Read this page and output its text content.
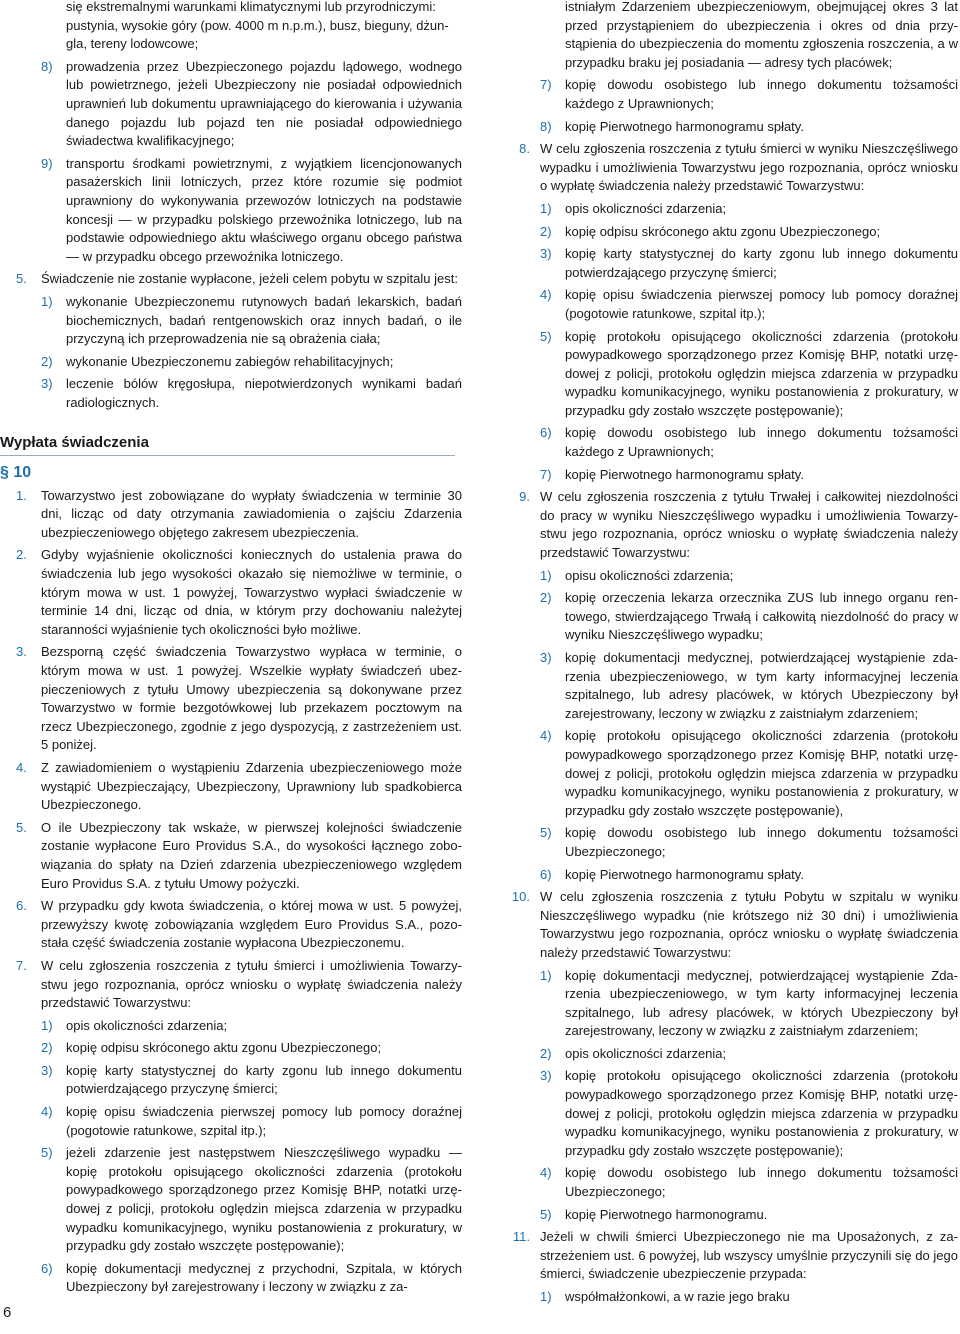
się ekstremalnymi warunkami klimatycznymi lub przyrodniczymi:
pustynia, wysokie góry (pow. 4000 m n.p.m.), busz, bieguny, dżun-
gla, tereny lodowcowe;
8) prowadzenia przez Ubezpieczonego pojazdu lądowego, wodnego lub powietrznego, jeżeli Ubezpieczony nie posiadał odpowiednich uprawnień lub dokumentu uprawniającego do kierowania i używania danego pojazdu lub pojazd ten nie posiadał odpowiedniego świadectwa kwalifikacyjnego;
9) transportu środkami powietrznymi, z wyjątkiem licencjonowanych pasażerskich linii lotniczych, przez które rozumie się podmiot uprawniony do wykonywania przewozów lotniczych na podstawie koncesji — w przypadku polskiego przewoźnika lotniczego, lub na podstawie odpowiedniego aktu właściwego organu obcego państwa — w przypadku obcego przewoźnika lotniczego.
5. Świadczenie nie zostanie wypłacone, jeżeli celem pobytu w szpitalu jest:
1) wykonanie Ubezpieczonemu rutynowych badań lekarskich, badań biochemicznych, badań rentgenowskich oraz innych badań, o ile przyczyną ich przeprowadzenia nie są obrażenia ciała;
2) wykonanie Ubezpieczonemu zabiegów rehabilitacyjnych;
3) leczenie bólów kręgosłupa, niepotwierdzonych wynikami badań radiologicznych.
Wypłata świadczenia
§ 10
1. Towarzystwo jest zobowiązane do wypłaty świadczenia w terminie 30 dni, licząc od daty otrzymania zawiadomienia o zajściu Zdarzenia ubezpieczeniowego objętego zakresem ubezpieczenia.
2. Gdyby wyjaśnienie okoliczności koniecznych do ustalenia prawa do świadczenia lub jego wysokości okazało się niemożliwe w terminie, o którym mowa w ust. 1 powyżej, Towarzystwo wypłaci świadczenie w terminie 14 dni, licząc od dnia, w którym przy dochowaniu należytej staranności wyjaśnienie tych okoliczności było możliwe.
3. Bezsporną część świadczenia Towarzystwo wypłaca w terminie, o którym mowa w ust. 1 powyżej. Wszelkie wypłaty świadczeń ubezpieczeniowych z tytułu Umowy ubezpieczenia są dokonywane przez Towarzystwo w formie bezgotówkowej lub przekazem pocztowym na rzecz Ubezpieczonego, zgodnie z jego dyspozycją, z zastrzeżeniem ust. 5 poniżej.
4. Z zawiadomieniem o wystąpieniu Zdarzenia ubezpieczeniowego może wystąpić Ubezpieczający, Ubezpieczony, Uprawniony lub spadkobierca Ubezpieczonego.
5. O ile Ubezpieczony tak wskaże, w pierwszej kolejności świadczenie zostanie wypłacone Euro Providus S.A., do wysokości łącznego zobowiązania do spłaty na Dzień zdarzenia ubezpieczeniowego względem Euro Providus S.A. z tytułu Umowy pożyczki.
6. W przypadku gdy kwota świadczenia, o której mowa w ust. 5 powyżej, przewyższy kwotę zobowiązania względem Euro Providus S.A., pozostała część świadczenia zostanie wypłacona Ubezpieczonemu.
7. W celu zgłoszenia roszczenia z tytułu śmierci i umożliwienia Towarzystwu jego rozpoznania, oprócz wniosku o wypłatę świadczenia należy przedstawić Towarzystwu:
1) opis okoliczności zdarzenia;
2) kopię odpisu skróconego aktu zgonu Ubezpieczonego;
3) kopię karty statystycznej do karty zgonu lub innego dokumentu potwierdzającego przyczynę śmierci;
4) kopię opisu świadczenia pierwszej pomocy lub pomocy doraźnej (pogotowie ratunkowe, szpital itp.);
5) jeżeli zdarzenie jest następstwem Nieszczęśliwego wypadku — kopię protokołu opisującego okoliczności zdarzenia (protokołu powypadkowego sporządzonego przez Komisję BHP, notatki urzędowej z policji, protokołu oględzin miejsca zdarzenia w przypadku wypadku komunikacyjnego, wyniku postanowienia z prokuratury, w przypadku gdy zostało wszczęte postępowanie);
6) kopię dokumentacji medycznej z przychodni, Szpitala, w których Ubezpieczony był zarejestrowany i leczony w związku z za-
istniałym Zdarzeniem ubezpieczeniowym, obejmującej okres 3 lat przed przystąpieniem do ubezpieczenia i okres od dnia przystąpienia do ubezpieczenia do momentu zgłoszenia roszczenia, a w przypadku braku jej posiadania — adresy tych placówek;
7) kopię dowodu osobistego lub innego dokumentu tożsamości każdego z Uprawnionych;
8) kopię Pierwotnego harmonogramu spłaty.
8. W celu zgłoszenia roszczenia z tytułu śmierci w wyniku Nieszczęśliwego wypadku i umożliwienia Towarzystwu jego rozpoznania, oprócz wniosku o wypłatę świadczenia należy przedstawić Towarzystwu:
1) opis okoliczności zdarzenia;
2) kopię odpisu skróconego aktu zgonu Ubezpieczonego;
3) kopię karty statystycznej do karty zgonu lub innego dokumentu potwierdzającego przyczynę śmierci;
4) kopię opisu świadczenia pierwszej pomocy lub pomocy doraźnej (pogotowie ratunkowe, szpital itp.);
5) kopię protokołu opisującego okoliczności zdarzenia (protokołu powypadkowego sporządzonego przez Komisję BHP, notatki urzędowej z policji, protokołu oględzin miejsca zdarzenia w przypadku wypadku komunikacyjnego, wyniku postanowienia z prokuratury, w przypadku gdy zostało wszczęte postępowanie);
6) kopię dowodu osobistego lub innego dokumentu tożsamości każdego z Uprawnionych;
7) kopię Pierwotnego harmonogramu spłaty.
9. W celu zgłoszenia roszczenia z tytułu Trwałej i całkowitej niezdolności do pracy w wyniku Nieszczęśliwego wypadku i umożliwienia Towarzystwu jego rozpoznania, oprócz wniosku o wypłatę świadczenia należy przedstawić Towarzystwu:
1) opisu okoliczności zdarzenia;
2) kopię orzeczenia lekarza orzecznika ZUS lub innego organu rentowego, stwierdzającego Trwałą i całkowitą niezdolność do pracy w wyniku Nieszczęśliwego wypadku;
3) kopię dokumentacji medycznej, potwierdzającej wystąpienie zdarzenia ubezpieczeniowego, w tym karty informacyjnej leczenia szpitalnego, lub adresy placówek, w których Ubezpieczony był zarejestrowany, leczony w związku z zaistniałym zdarzeniem;
4) kopię protokołu opisującego okoliczności zdarzenia (protokołu powypadkowego sporządzonego przez Komisję BHP, notatki urzędowej z policji, protokołu oględzin miejsca zdarzenia w przypadku wypadku komunikacyjnego, wyniku postanowienia z prokuratury, w przypadku gdy zostało wszczęte postępowanie),
5) kopię dowodu osobistego lub innego dokumentu tożsamości Ubezpieczonego;
6) kopię Pierwotnego harmonogramu spłaty.
10. W celu zgłoszenia roszczenia z tytułu Pobytu w szpitalu w wyniku Nieszczęśliwego wypadku (nie krótszego niż 30 dni) i umożliwienia Towarzystwu jego rozpoznania, oprócz wniosku o wypłatę świadczenia należy przedstawić Towarzystwu:
1) kopię dokumentacji medycznej, potwierdzającej wystąpienie Zdarzenia ubezpieczeniowego, w tym karty informacyjnej leczenia szpitalnego, lub adresy placówek, w których Ubezpieczony był zarejestrowany, leczony w związku z zaistniałym zdarzeniem;
2) opis okoliczności zdarzenia;
3) kopię protokołu opisującego okoliczności zdarzenia (protokołu powypadkowego sporządzonego przez Komisję BHP, notatki urzędowej z policji, protokołu oględzin miejsca zdarzenia w przypadku wypadku komunikacyjnego, wyniku postanowienia z prokuratury, w przypadku gdy zostało wszczęte postępowanie);
4) kopię dowodu osobistego lub innego dokumentu tożsamości Ubezpieczonego;
5) kopię Pierwotnego harmonogramu.
11. Jeżeli w chwili śmierci Ubezpieczonego nie ma Uposażonych, z zastrzeżeniem ust. 6 powyżej, lub wszyscy umyślnie przyczynili się do jego śmierci, świadczenie ubezpieczenie przypada:
1) współmałżonkowi, a w razie jego braku
6
